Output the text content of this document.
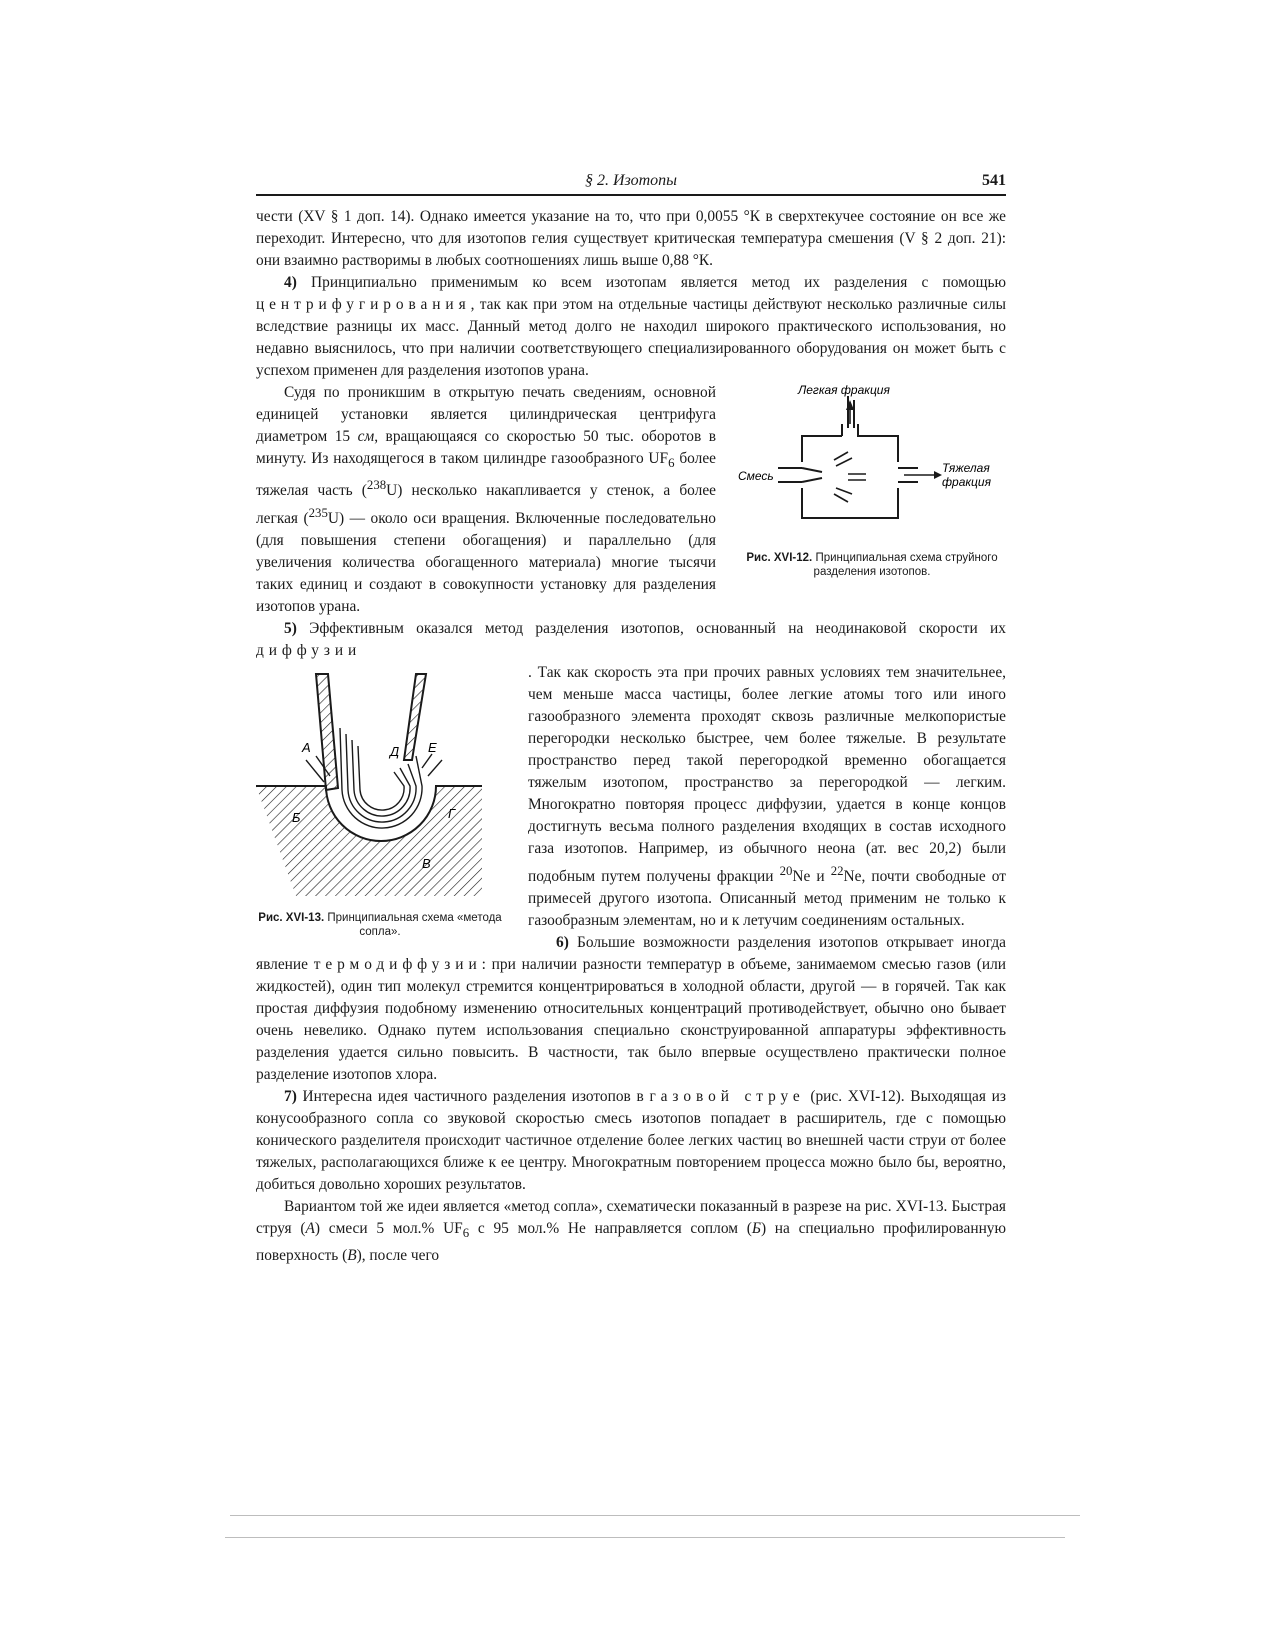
§ 2. Изотопы	541

чести (XV § 1 доп. 14). Однако имеется указание на то, что при 0,0055 °К в сверхтекучее состояние он все же переходит. Интересно, что для изотопов гелия существует критическая температура смешения (V § 2 доп. 21): они взаимно растворимы в любых соотношениях лишь выше 0,88 °К.

4) Принципиально применимым ко всем изотопам является метод их разделения с помощью центрифугирования, так как при этом на отдельные частицы действуют несколько различные силы вследствие разницы их масс. Данный метод долго не находил широкого практического использования, но недавно выяснилось, что при наличии соответствующего специализированного оборудования он может быть с успехом применен для разделения изотопов урана.

Легкая фракция
Смесь
Тяжелая
фракция
Рис. XVI-12. Принципиальная схема струйного разделения изотопов.

Судя по проникшим в открытую печать сведениям, основной единицей установки является цилиндрическая центрифуга диаметром 15 см, вращающаяся со скоростью 50 тыс. оборотов в минуту. Из находящегося в таком цилиндре газообразного $UF_6$ более тяжелая часть ($^{238}$U) несколько накапливается у стенок, а более легкая ($^{235}$U) — около оси вращения. Включенные последовательно (для повышения степени обогащения) и параллельно (для увеличения количества обогащенного материала) многие тысячи таких единиц и создают в совокупности установку для разделения изотопов урана.

5) Эффективным оказался метод разделения изотопов, основанный на неодинаковой скорости их диффузии

А
Б
В
Г
Д Е
Рис. XVI-13. Принципиальная схема «метода сопла».

. Так как скорость эта при прочих равных условиях тем значительнее, чем меньше масса частицы, более легкие атомы того или иного газообразного элемента проходят сквозь различные мелкопористые перегородки несколько быстрее, чем более тяжелые. В результате пространство перед такой перегородкой временно обогащается тяжелым изотопом, пространство за перегородкой — легким. Многократно повторяя процесс диффузии, удается в конце концов достигнуть весьма полного разделения входящих в состав исходного газа изотопов. Например, из обычного неона (ат. вес 20,2) были подобным путем получены фракции $^{20}$Ne и $^{22}$Ne, почти свободные от примесей другого изотопа. Описанный метод применим не только к газообразным элементам, но и к летучим соединениям остальных.

6) Большие возможности разделения изотопов открывает иногда явление термодиффузии: при наличии разности температур в объеме, занимаемом смесью газов (или жидкостей), один тип молекул стремится концентрироваться в холодной области, другой — в горячей. Так как простая диффузия подобному изменению относительных концентраций противодействует, обычно оно бывает очень невелико. Однако путем использования специально сконструированной аппаратуры эффективность разделения удается сильно повысить. В частности, так было впервые осуществлено практически полное разделение изотопов хлора.

7) Интересна идея частичного разделения изотопов в газовой струе (рис. XVI-12). Выходящая из конусообразного сопла со звуковой скоростью смесь изотопов попадает в расширитель, где с помощью конического разделителя происходит частичное отделение более легких частиц во внешней части струи от более тяжелых, располагающихся ближе к ее центру. Многократным повторением процесса можно было бы, вероятно, добиться довольно хороших результатов.

Вариантом той же идеи является «метод сопла», схематически показанный в разрезе на рис. XVI-13. Быстрая струя (А) смеси 5 мол.% $UF_6$ с 95 мол.% Не направляется соплом (Б) на специально профилированную поверхность (В), после чего
